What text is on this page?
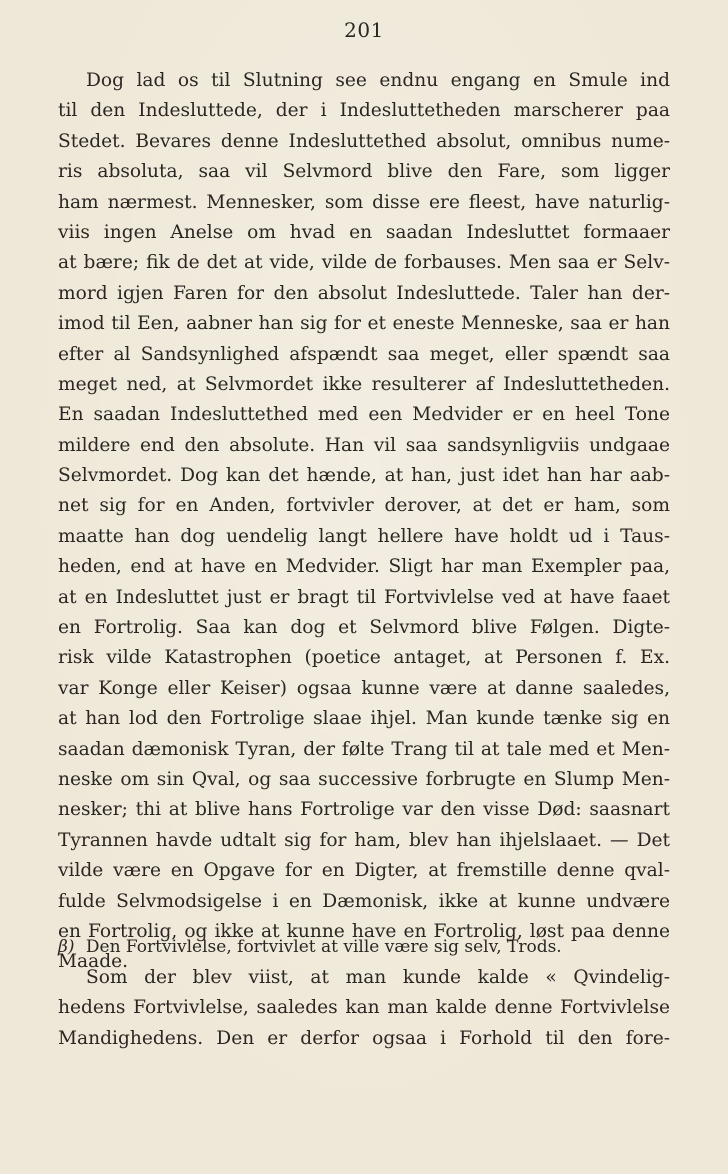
201
Dog lad os til Slutning see endnu engang en Smule ind
til den Indesluttede, der i Indesluttetheden marscherer paa
Stedet. Bevares denne Indesluttethed absolut, omnibus nume-
ris absoluta, saa vil Selvmord blive den Fare, som ligger
ham nærmest. Mennesker, som disse ere fleest, have naturlig-
viis ingen Anelse om hvad en saadan Indesluttet formaaer
at bære; fik de det at vide, vilde de forbauses. Men saa er Selv-
mord igjen Faren for den absolut Indesluttede. Taler han der-
imod til Een, aabner han sig for et eneste Menneske, saa er han
efter al Sandsynlighed afspændt saa meget, eller spændt saa
meget ned, at Selvmordet ikke resulterer af Indesluttetheden.
En saadan Indesluttethed med een Medvider er en heel Tone
mildere end den absolute. Han vil saa sandsynligviis undgaae
Selvmordet. Dog kan det hænde, at han, just idet han har aab-
net sig for en Anden, fortvivler derover, at det er ham, som
maatte han dog uendelig langt hellere have holdt ud i Taus-
heden, end at have en Medvider. Sligt har man Exempler paa,
at en Indesluttet just er bragt til Fortvivlelse ved at have faaet
en Fortrolig. Saa kan dog et Selvmord blive Følgen. Digte-
risk vilde Katastrophen (poetice antaget, at Personen f. Ex.
var Konge eller Keiser) ogsaa kunne være at danne saaledes,
at han lod den Fortrolige slaae ihjel. Man kunde tænke sig en
saadan dæmonisk Tyran, der følte Trang til at tale med et Men-
neske om sin Qval, og saa successive forbrugte en Slump Men-
nesker; thi at blive hans Fortrolige var den visse Død: saasnart
Tyrannen havde udtalt sig for ham, blev han ihjelslaaet. — Det
vilde være en Opgave for en Digter, at fremstille denne qval-
fulde Selvmodsigelse i en Dæmonisk, ikke at kunne undvære
en Fortrolig, og ikke at kunne have en Fortrolig, løst paa denne
Maade.
β) Den Fortvivlelse, fortvivlet at ville være sig selv, Trods.
Som der blev viist, at man kunde kalde « Qvindelig-
hedens Fortvivlelse, saaledes kan man kalde denne Fortvivlelse
Mandighedens. Den er derfor ogsaa i Forhold til den fore-
